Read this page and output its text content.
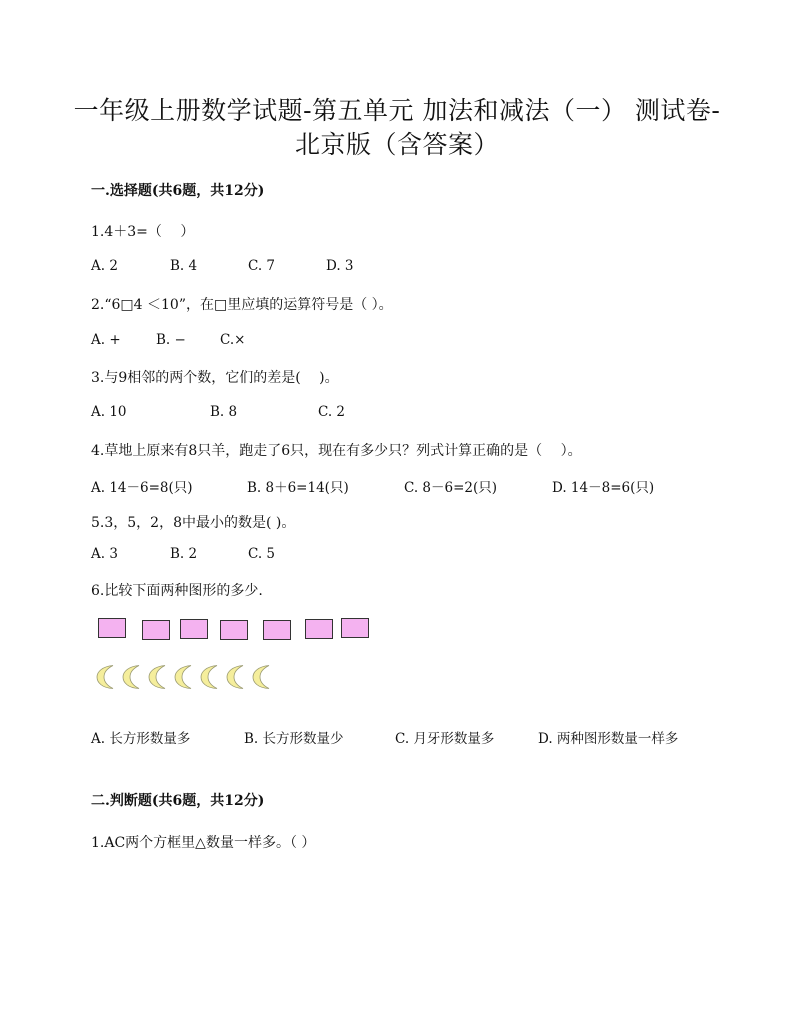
一年级上册数学试题-第五单元 加法和减法（一） 测试卷-
北京版（含答案）
一.选择题(共6题，共12分)
1.4＋3=（　 ）
A. 2	B. 4	C. 7	D. 3
2.“6□4 ＜10”，在□里应填的运算符号是（ ）。
A. +	B. −	C.×
3.与9相邻的两个数，它们的差是(　 )。
A. 10	B. 8	C. 2
4.草地上原来有8只羊，跑走了6只，现在有多少只？列式计算正确的是（　 ）。
A. 14－6=8(只)	B. 8＋6=14(只)	C. 8－6=2(只)	D. 14－8=6(只)
5.3，5，2，8中最小的数是( )。
A. 3	B. 2	C. 5
6.比较下面两种图形的多少.
A. 长方形数量多	B. 长方形数量少	C. 月牙形数量多	D. 两种图形数量一样多
二.判断题(共6题，共12分)
1.AC两个方框里△数量一样多。（ ）
